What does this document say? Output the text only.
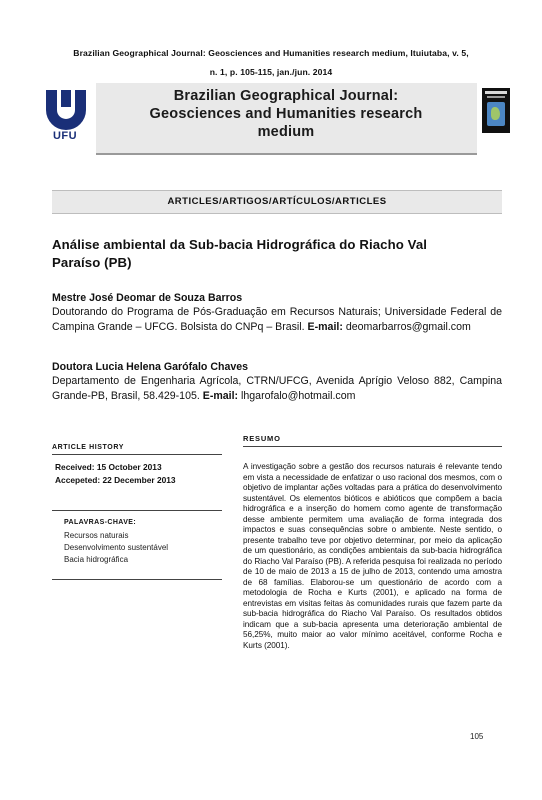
Brazilian Geographical Journal: Geosciences and Humanities research medium, Ituiutaba, v. 5,
n. 1, p. 105-115, jan./jun. 2014
UFU
Brazilian Geographical Journal:
Geosciences and Humanities research
medium
ARTICLES/ARTIGOS/ARTÍCULOS/ARTICLES
Análise ambiental da Sub-bacia Hidrográfica do Riacho Val
Paraíso (PB)
Mestre José Deomar de Souza Barros
Doutorando do Programa de Pós-Graduação em Recursos Naturais; Universidade Federal de Campina Grande – UFCG. Bolsista do CNPq – Brasil. E-mail: deomarbarros@gmail.com
Doutora Lucia Helena Garófalo Chaves
Departamento de Engenharia Agrícola, CTRN/UFCG, Avenida Aprígio Veloso 882, Campina Grande-PB, Brasil, 58.429-105. E-mail: lhgarofalo@hotmail.com
ARTICLE HISTORY
Received: 15 October 2013
Accepeted: 22 December 2013
PALAVRAS-CHAVE:
Recursos naturais
Desenvolvimento sustentável
Bacia hidrográfica
RESUMO

A investigação sobre a gestão dos recursos naturais é relevante tendo em vista a necessidade de enfatizar o uso racional dos mesmos, com o objetivo de implantar ações voltadas para a prática do desenvolvimento sustentável. Os elementos bióticos e abióticos que compõem a bacia hidrográfica e a inserção do homem como agente de transformação desse ambiente permitem uma avaliação de forma integrada dos impactos e suas consequências sobre o ambiente. Neste sentido, o presente trabalho teve por objetivo determinar, por meio da aplicação de um questionário, as condições ambientais da sub-bacia hidrográfica do Riacho Val Paraíso (PB). A referida pesquisa foi realizada no período de 10 de maio de 2013 a 15 de julho de 2013, contendo uma amostra de 68 famílias. Elaborou-se um questionário de acordo com a metodologia de Rocha e Kurts (2001), e aplicado na forma de entrevistas em visitas feitas às comunidades rurais que fazem parte da sub-bacia hidrográfica do Riacho Val Paraíso. Os resultados obtidos indicam que a sub-bacia apresenta uma deterioração ambiental de 56,25%, muito maior ao valor mínimo aceitável, conforme Rocha e Kurts (2001).

105
